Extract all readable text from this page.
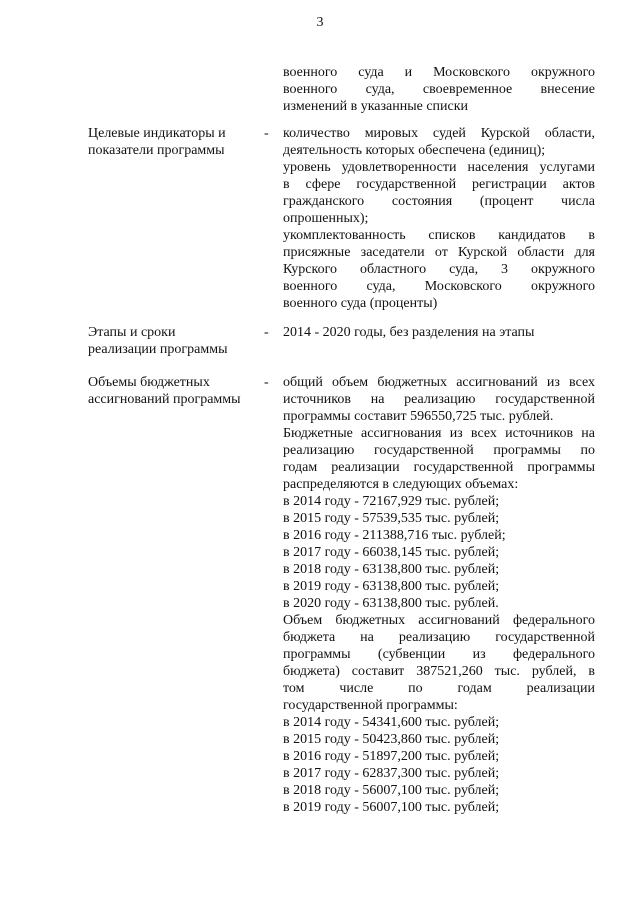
3
военного суда и Московского окружного
военного суда, своевременное внесение
изменений в указанные списки
Целевые индикаторы и
показатели программы
- количество мировых судей Курской области,
деятельность которых обеспечена (единиц);
уровень удовлетворенности населения услугами
в сфере государственной регистрации актов
гражданского состояния (процент числа
опрошенных);
укомплектованность списков кандидатов в
присяжные заседатели от Курской области для
Курского областного суда, 3 окружного
военного суда, Московского окружного
военного суда (проценты)
Этапы и сроки
реализации программы
- 2014 - 2020 годы, без разделения на этапы
Объемы бюджетных
ассигнований программы
- общий объем бюджетных ассигнований из всех
источников на реализацию государственной
программы составит 596550,725 тыс. рублей.
Бюджетные ассигнования из всех источников на
реализацию государственной программы по
годам реализации государственной программы
распределяются в следующих объемах:
в 2014 году - 72167,929 тыс. рублей;
в 2015 году - 57539,535 тыс. рублей;
в 2016 году - 211388,716 тыс. рублей;
в 2017 году - 66038,145 тыс. рублей;
в 2018 году - 63138,800 тыс. рублей;
в 2019 году - 63138,800 тыс. рублей;
в 2020 году - 63138,800 тыс. рублей.
Объем бюджетных ассигнований федерального
бюджета на реализацию государственной
программы (субвенции из федерального
бюджета) составит 387521,260 тыс. рублей, в
том числе по годам реализации
государственной программы:
в 2014 году - 54341,600 тыс. рублей;
в 2015 году - 50423,860 тыс. рублей;
в 2016 году - 51897,200 тыс. рублей;
в 2017 году - 62837,300 тыс. рублей;
в 2018 году - 56007,100 тыс. рублей;
в 2019 году - 56007,100 тыс. рублей;
